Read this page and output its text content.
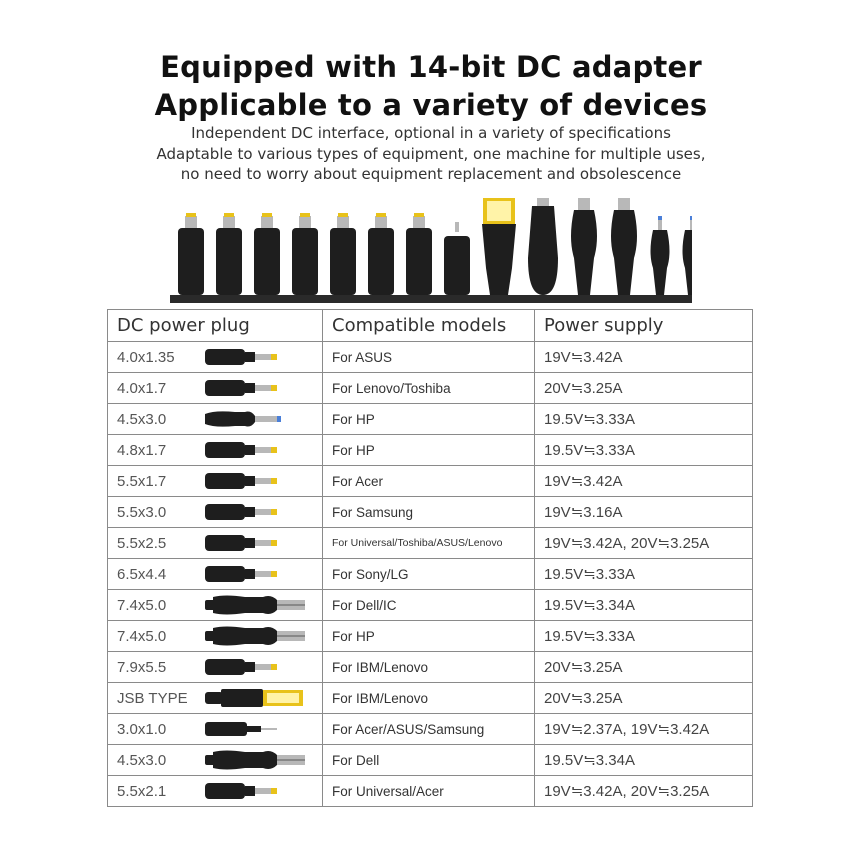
Equipped with 14-bit DC adapter
Applicable to a variety of devices
Independent DC interface, optional in a variety of specifications
Adaptable to various types of equipment, one machine for multiple uses,
no need to worry about equipment replacement and obsolescence
DC power plug	Compatible models	Power supply
4.0x1.35	For ASUS	19V≒3.42A
4.0x1.7	For Lenovo/Toshiba	20V≒3.25A
4.5x3.0	For HP	19.5V≒3.33A
4.8x1.7	For HP	19.5V≒3.33A
5.5x1.7	For Acer	19V≒3.42A
5.5x3.0	For Samsung	19V≒3.16A
5.5x2.5	For Universal/Toshiba/ASUS/Lenovo	19V≒3.42A, 20V≒3.25A
6.5x4.4	For Sony/LG	19.5V≒3.33A
7.4x5.0	For Dell/IC	19.5V≒3.34A
7.4x5.0	For HP	19.5V≒3.33A
7.9x5.5	For IBM/Lenovo	20V≒3.25A
JSB TYPE	For IBM/Lenovo	20V≒3.25A
3.0x1.0	For Acer/ASUS/Samsung	19V≒2.37A, 19V≒3.42A
4.5x3.0	For Dell	19.5V≒3.34A
5.5x2.1	For Universal/Acer	19V≒3.42A, 20V≒3.25A
